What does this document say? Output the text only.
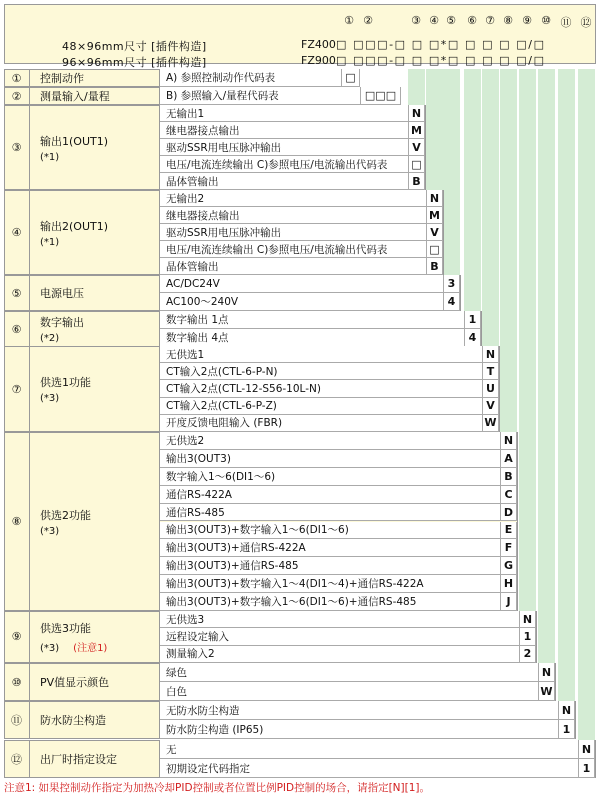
① ②	③ ④ ⑤	⑥ ⑦ ⑧ ⑨ ⑩ ⑪ ⑫
48×96mm尺寸 [插件构造]	FZ400 □ □□□-□ □ □*□ □ □ □ □/□
96×96mm尺寸 [插件构造]	FZ900 □ □□□-□ □ □*□ □ □ □ □/□
①	控制动作	A) 参照控制动作代码表	□
②	测量输入/量程	B) 参照输入/量程代码表	□□□
③	输出1(OUT1)
(*1)
无输出1	N
继电器接点输出	M
驱动SSR用电压脉冲输出	V
电压/电流连续输出 C)参照电压/电流输出代码表	□
晶体管输出	B
④	输出2(OUT1)
(*1)
无输出2	N
继电器接点输出	M
驱动SSR用电压脉冲输出	V
电压/电流连续输出 C)参照电压/电流输出代码表	□
晶体管输出	B
⑤	电源电压
AC/DC24V	3
AC100～240V	4
⑥	数字输出
(*2)
数字输出 1点	1
数字输出 4点	4
⑦	供选1功能
(*3)
无供选1	N
CT输入2点(CTL-6-P-N)	T
CT输入2点(CTL-12-S56-10L-N)	U
CT输入2点(CTL-6-P-Z)	V
开度反馈电阻输入 (FBR)	W
⑧	供选2功能
(*3)
无供选2	N
输出3(OUT3)	A
数字输入1～6(DI1～6)	B
通信RS-422A	C
通信RS-485	D
输出3(OUT3)+数字输入1～6(DI1～6)	E
输出3(OUT3)+通信RS-422A	F
输出3(OUT3)+通信RS-485	G
输出3(OUT3)+数字输入1～4(DI1～4)+通信RS-422A	H
输出3(OUT3)+数字输入1～6(DI1～6)+通信RS-485	J
⑨
供选3功能
(*3) (注意1)
无供选3	N
远程设定输入	1
测量输入2	2
⑩	PV值显示颜色
绿色	N
白色	W
⑪	防水防尘构造
无防水防尘构造	N
防水防尘构造 (IP65)	1
⑫	出厂时指定设定
无	N
初期设定代码指定	1
注意1: 如果控制动作指定为加热冷却PID控制或者位置比例PID控制的场合，请指定[N][1]。
